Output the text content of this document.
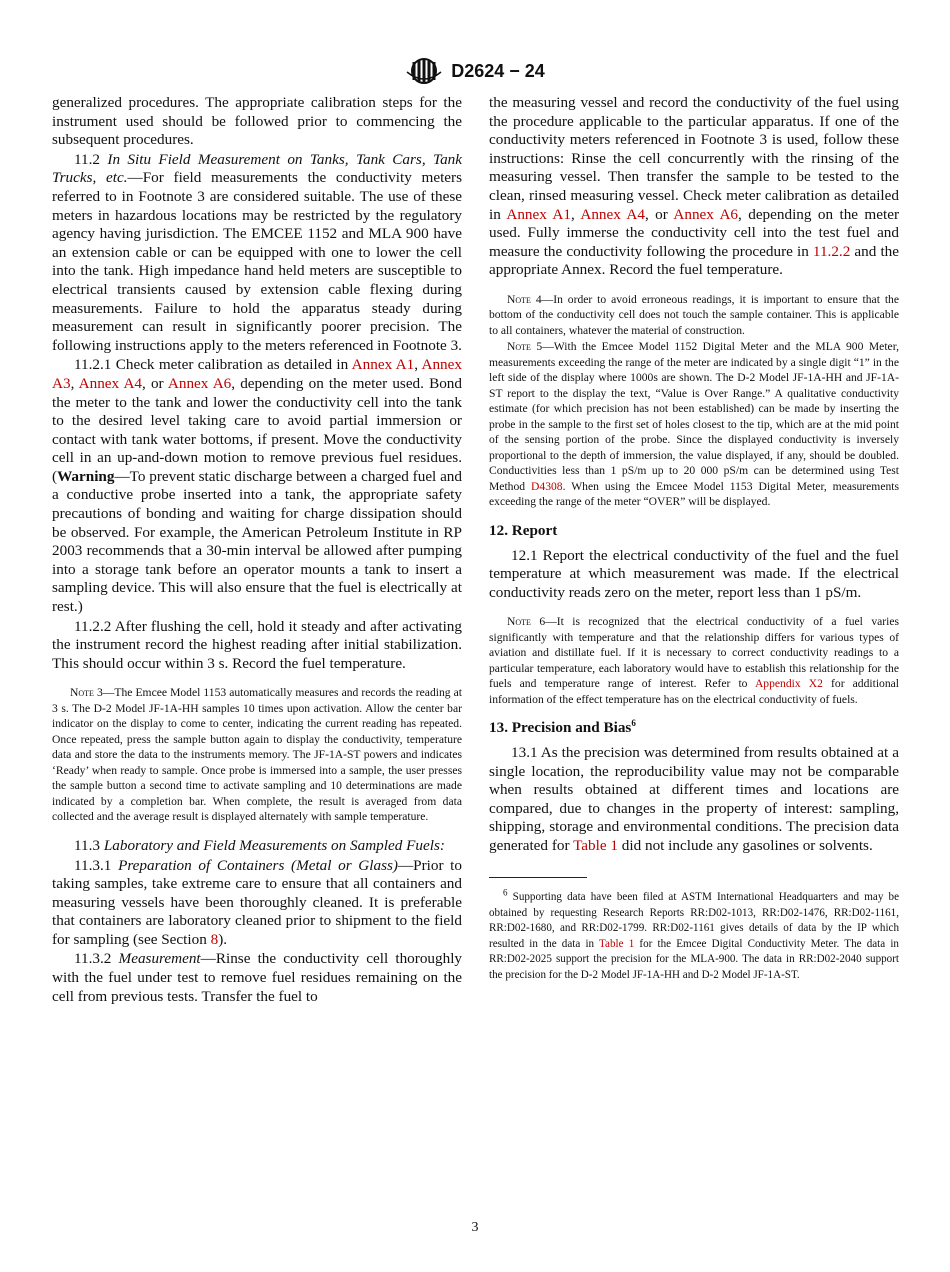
D2624 − 24

generalized procedures. The appropriate calibration steps for the instrument used should be followed prior to commencing the subsequent procedures.

11.2 In Situ Field Measurement on Tanks, Tank Cars, Tank Trucks, etc.—For field measurements the conductivity meters referred to in Footnote 3 are considered suitable. The use of these meters in hazardous locations may be restricted by the regulatory agency having jurisdiction. The EMCEE 1152 and MLA 900 have an extension cable or can be equipped with one to lower the cell into the tank. High impedance hand held meters are susceptible to electrical transients caused by extension cable flexing during measurements. Failure to hold the apparatus steady during measurement can result in significantly poorer precision. The following instructions apply to the meters referenced in Footnote 3.

11.2.1 Check meter calibration as detailed in Annex A1, Annex A3, Annex A4, or Annex A6, depending on the meter used. Bond the meter to the tank and lower the conductivity cell into the tank to the desired level taking care to avoid partial immersion or contact with tank water bottoms, if present. Move the conductivity cell in an up-and-down motion to remove previous fuel residues. (Warning—To prevent static discharge between a charged fuel and a conductive probe inserted into a tank, the appropriate safety precautions of bonding and waiting for charge dissipation should be observed. For example, the American Petroleum Institute in RP 2003 recommends that a 30-min interval be allowed after pumping into a storage tank before an operator mounts a tank to insert a sampling device. This will also ensure that the fuel is electrically at rest.)

11.2.2 After flushing the cell, hold it steady and after activating the instrument record the highest reading after initial stabilization. This should occur within 3 s. Record the fuel temperature.

Note 3—The Emcee Model 1153 automatically measures and records the reading at 3 s. The D-2 Model JF-1A-HH samples 10 times upon activation. Allow the center bar indicator on the display to come to center, indicating the current reading has repeated. Once repeated, press the sample button again to display the conductivity, temperature data and store the data to the instruments memory. The JF-1A-ST powers and indicates ‘Ready’ when ready to sample. Once probe is immersed into a sample, the user presses the sample button a second time to activate sampling and 10 determinations are made indicated by a completion bar. When complete, the result is averaged from data collected and the average result is displayed alternately with sample temperature.

11.3 Laboratory and Field Measurements on Sampled Fuels:

11.3.1 Preparation of Containers (Metal or Glass)—Prior to taking samples, take extreme care to ensure that all containers and measuring vessels have been thoroughly cleaned. It is preferable that containers are laboratory cleaned prior to shipment to the field for sampling (see Section 8).

11.3.2 Measurement—Rinse the conductivity cell thoroughly with the fuel under test to remove fuel residues remaining on the cell from previous tests. Transfer the fuel to

the measuring vessel and record the conductivity of the fuel using the procedure applicable to the particular apparatus. If one of the conductivity meters referenced in Footnote 3 is used, follow these instructions: Rinse the cell concurrently with the rinsing of the measuring vessel. Then transfer the sample to be tested to the clean, rinsed measuring vessel. Check meter calibration as detailed in Annex A1, Annex A4, or Annex A6, depending on the meter used. Fully immerse the conductivity cell into the test fuel and measure the conductivity following the procedure in 11.2.2 and the appropriate Annex. Record the fuel temperature.

Note 4—In order to avoid erroneous readings, it is important to ensure that the bottom of the conductivity cell does not touch the sample container. This is applicable to all containers, whatever the material of construction.

Note 5—With the Emcee Model 1152 Digital Meter and the MLA 900 Meter, measurements exceeding the range of the meter are indicated by a single digit “1” in the left side of the display where 1000s are shown. The D-2 Model JF-1A-HH and JF-1A-ST report to the display the text, “Value is Over Range.” A qualitative conductivity estimate (for which precision has not been established) can be made by inserting the probe in the sample to the first set of holes closest to the tip, which are at the mid point of the sensing portion of the probe. Since the displayed conductivity is inversely proportional to the depth of immersion, the value displayed, if any, should be doubled. Conductivities less than 1 pS/m up to 20 000 pS/m can be determined using Test Method D4308. When using the Emcee Model 1153 Digital Meter, measurements exceeding the range of the meter “OVER” will be displayed.

12. Report

12.1 Report the electrical conductivity of the fuel and the fuel temperature at which measurement was made. If the electrical conductivity reads zero on the meter, report less than 1 pS/m.

Note 6—It is recognized that the electrical conductivity of a fuel varies significantly with temperature and that the relationship differs for various types of aviation and distillate fuel. If it is necessary to correct conductivity readings to a particular temperature, each laboratory would have to establish this relationship for the fuels and temperature range of interest. Refer to Appendix X2 for additional information of the effect temperature has on the electrical conductivity of fuels.

13. Precision and Bias$^6$

13.1 As the precision was determined from results obtained at a single location, the reproducibility value may not be comparable when results obtained at different times and locations are compared, due to changes in the property of interest: sampling, shipping, storage and environmental conditions. The precision data generated for Table 1 did not include any gasolines or solvents.

$^6$ Supporting data have been filed at ASTM International Headquarters and may be obtained by requesting Research Reports RR:D02-1013, RR:D02-1476, RR:D02-1161, RR:D02-1680, and RR:D02-1799. RR:D02-1161 gives details of data by the IP which resulted in the data in Table 1 for the Emcee Digital Conductivity Meter. The data in RR:D02-2025 support the precision for the MLA-900. The data in RR:D02-2040 support the precision for the D-2 Model JF-1A-HH and D-2 Model JF-1A-ST.

3
